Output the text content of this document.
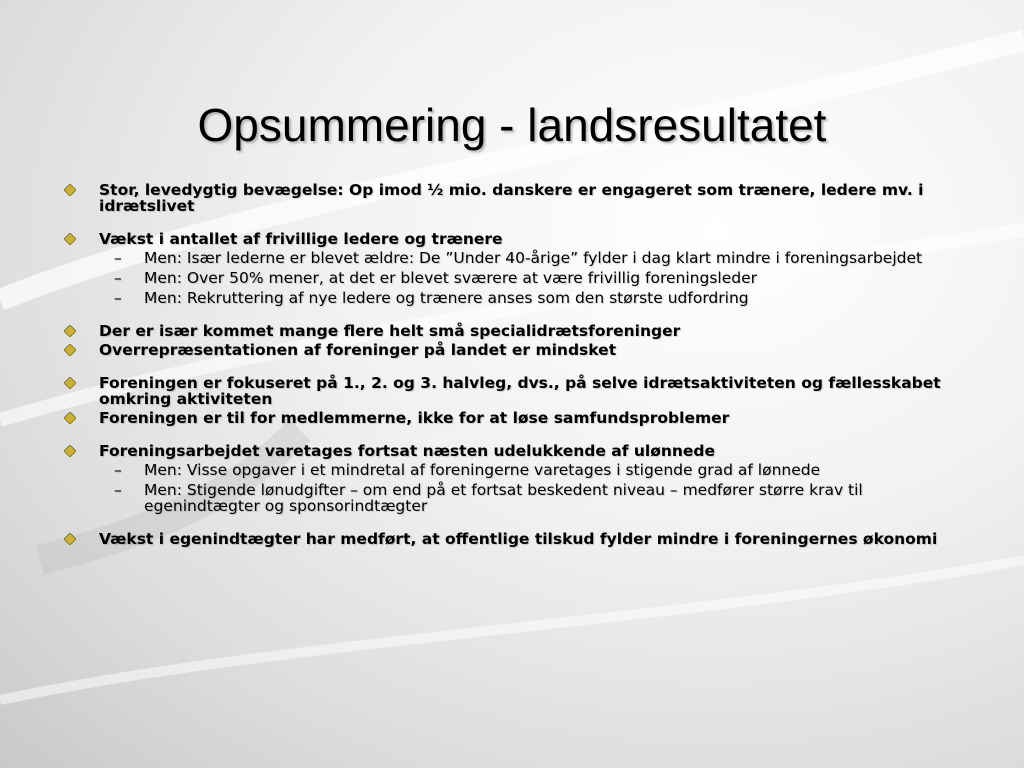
Opsummering - landsresultatet
Stor, levedygtig bevægelse: Op imod ½ mio. danskere er engageret som trænere, ledere mv. i idrætslivet
Vækst i antallet af frivillige ledere og trænere
– Men: Især lederne er blevet ældre: De ”Under 40-årige” fylder i dag klart mindre i foreningsarbejdet
– Men: Over 50% mener, at det er blevet sværere at være frivillig foreningsleder
– Men: Rekruttering af nye ledere og trænere anses som den største udfordring
Der er især kommet mange flere helt små specialidrætsforeninger
Overrepræsentationen af foreninger på landet er mindsket
Foreningen er fokuseret på 1., 2. og 3. halvleg, dvs., på selve idrætsaktiviteten og fællesskabet omkring aktiviteten
Foreningen er til for medlemmerne, ikke for at løse samfundsproblemer
Foreningsarbejdet varetages fortsat næsten udelukkende af ulønnede
– Men: Visse opgaver i et mindretal af foreningerne varetages i stigende grad af lønnede
– Men: Stigende lønudgifter – om end på et fortsat beskedent niveau – medfører større krav til egenindtægter og sponsorindtægter
Vækst i egenindtægter har medført, at offentlige tilskud fylder mindre i foreningernes økonomi
